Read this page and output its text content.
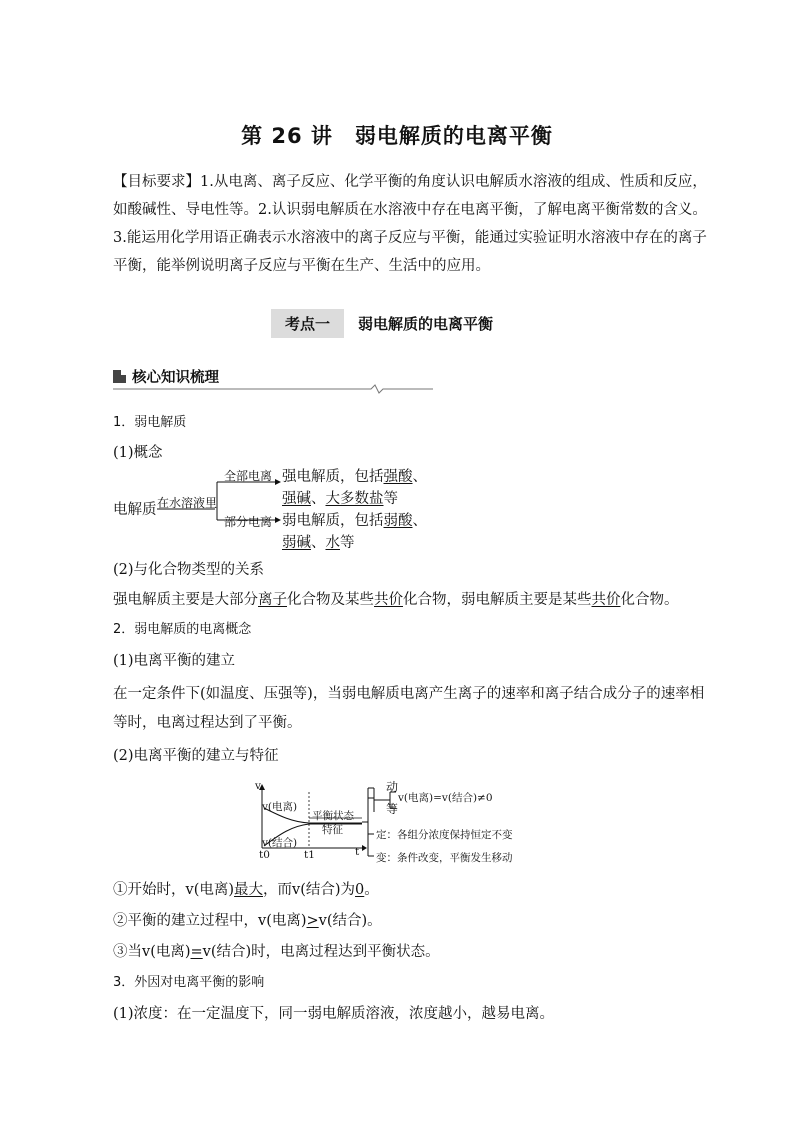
第 26 讲　弱电解质的电离平衡
【目标要求】1.从电离、离子反应、化学平衡的角度认识电解质水溶液的组成、性质和反应，
如酸碱性、导电性等。2.认识弱电解质在水溶液中存在电离平衡，了解电离平衡常数的含义。
3.能运用化学用语正确表示水溶液中的离子反应与平衡，能通过实验证明水溶液中存在的离子
平衡，能举例说明离子反应与平衡在生产、生活中的应用。
考点一	弱电解质的电离平衡
核心知识梳理
1．弱电解质
(1)概念
电解质 在水溶液里
全部电离
部分电离
强电解质，包括强酸、
强碱、大多数盐等
弱电解质，包括弱酸、
弱碱、水等
(2)与化合物类型的关系
强电解质主要是大部分离子化合物及某些共价化合物，弱电解质主要是某些共价化合物。
2．弱电解质的电离概念
(1)电离平衡的建立
在一定条件下(如温度、压强等)，当弱电解质电离产生离子的速率和离子结合成分子的速率相
等时，电离过程达到了平衡。
(2)电离平衡的建立与特征
v
v(电离)
v(结合)
平衡状态
特征
t0	t1	t
动
等
v(电离)=v(结合)≠0
定：各组分浓度保持恒定不变
变：条件改变，平衡发生移动
①开始时，v(电离)最大，而v(结合)为0。
②平衡的建立过程中，v(电离)>v(结合)。
③当v(电离)=v(结合)时，电离过程达到平衡状态。
3．外因对电离平衡的影响
(1)浓度：在一定温度下，同一弱电解质溶液，浓度越小，越易电离。
